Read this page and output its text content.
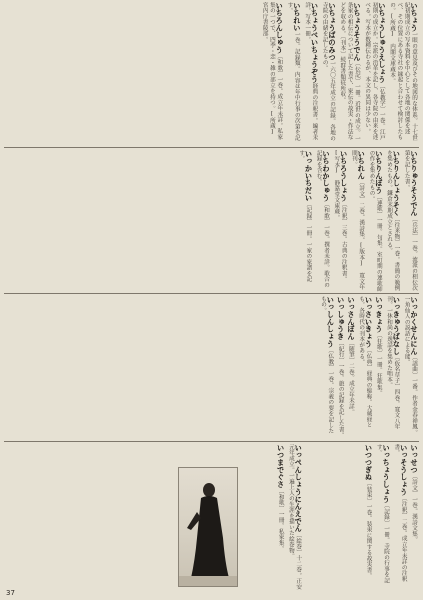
いちょう一眼の意見及びその地図的な体系。十七世紀初期成立の写本資料を中心として各地の関係を述べ、その位置にある寺社の縁起と合わせて検討したもの。[所蔵] 内閣文庫蔵本。
いちょうしゅうえしょう〔仏教学〕一巻。江戸初期の成立か。宗派の沿革を記し、各寺院の由来を述べる。写本が数種伝わるが、本文の異同は少ない。
いちょうそうでん〔伝記〕一冊。近世の成立。一条家の相伝について記した書で、家伝の故実・作法などを収める。〔刊本〕続群書類従所収。
いちょうばのみつ一六〇五年成立の記録。各地の寺院の由緒を記したもの。
いちょうべいちょうぞう経典の注釈書。編者未詳。写本一冊。
いちれい一巻。記録類。内容は年中行事の次第を記す。
いちろんしゅう〔和歌〕一巻。成立年未詳。私家集の一つで、四季・恋・雑の部立を持つ。[所蔵] 宮内庁書陵部。
いちりゅうそうでん〔兵法〕一巻。流派の相伝次第を記した書。
いちりんしょうそく〔往来物〕一巻。書簡の範例を集めたもの。鎌倉末期成立とされる。
いちりんぼう〔連歌〕一冊。句集。室町期の連歌師の作を集めたもの。
いちれん〔詩文〕二巻。漢詩集。[版本] 寛文年間刊。
いちろうしょう〔注釈〕三巻。古典の注釈書。[写本] 静嘉堂文庫蔵。
いちわかしゅう〔和歌〕一巻。撰者未詳。歌合の記録を含む。
いっかいちだい〔記録〕一冊。一家の家譜を記す。
いっかくせんにん〔謡曲〕一番。作者金春禅鳳。一角仙人の説話による能。
いっきゅうばなし〔仮名草子〕四巻。寛文八年刊。一休和尚の逸話を集めた咄本。
いっきょう〔狂歌〕一冊。狂歌集。
いっさいきょう〔仏典〕経典の総称。大蔵経とも。各時代の刊本がある。
いっさんぼん〔随筆〕二巻。成立年未詳。
いっしゅうき〔紀行〕一巻。旅の記録を記した書。
いっしんしょう〔仏教〕一巻。宗義の要を記したもの。
いっせつ〔詩文〕一巻。漢詩文集。
いっそうしょう〔注釈〕二巻。成立年未詳の注釈書。
いっちょうしょう〔記録〕一冊。寺院の行事を記す。
いつつぎぬ〔装束〕一巻。装束に関する故実書。
いっぺんしょうにんえでん〔絵巻〕十二巻。正安元年成立。一遍上人の生涯を描いた絵巻物。
いつまでぐさ〔和歌〕一冊。私家集。
37
